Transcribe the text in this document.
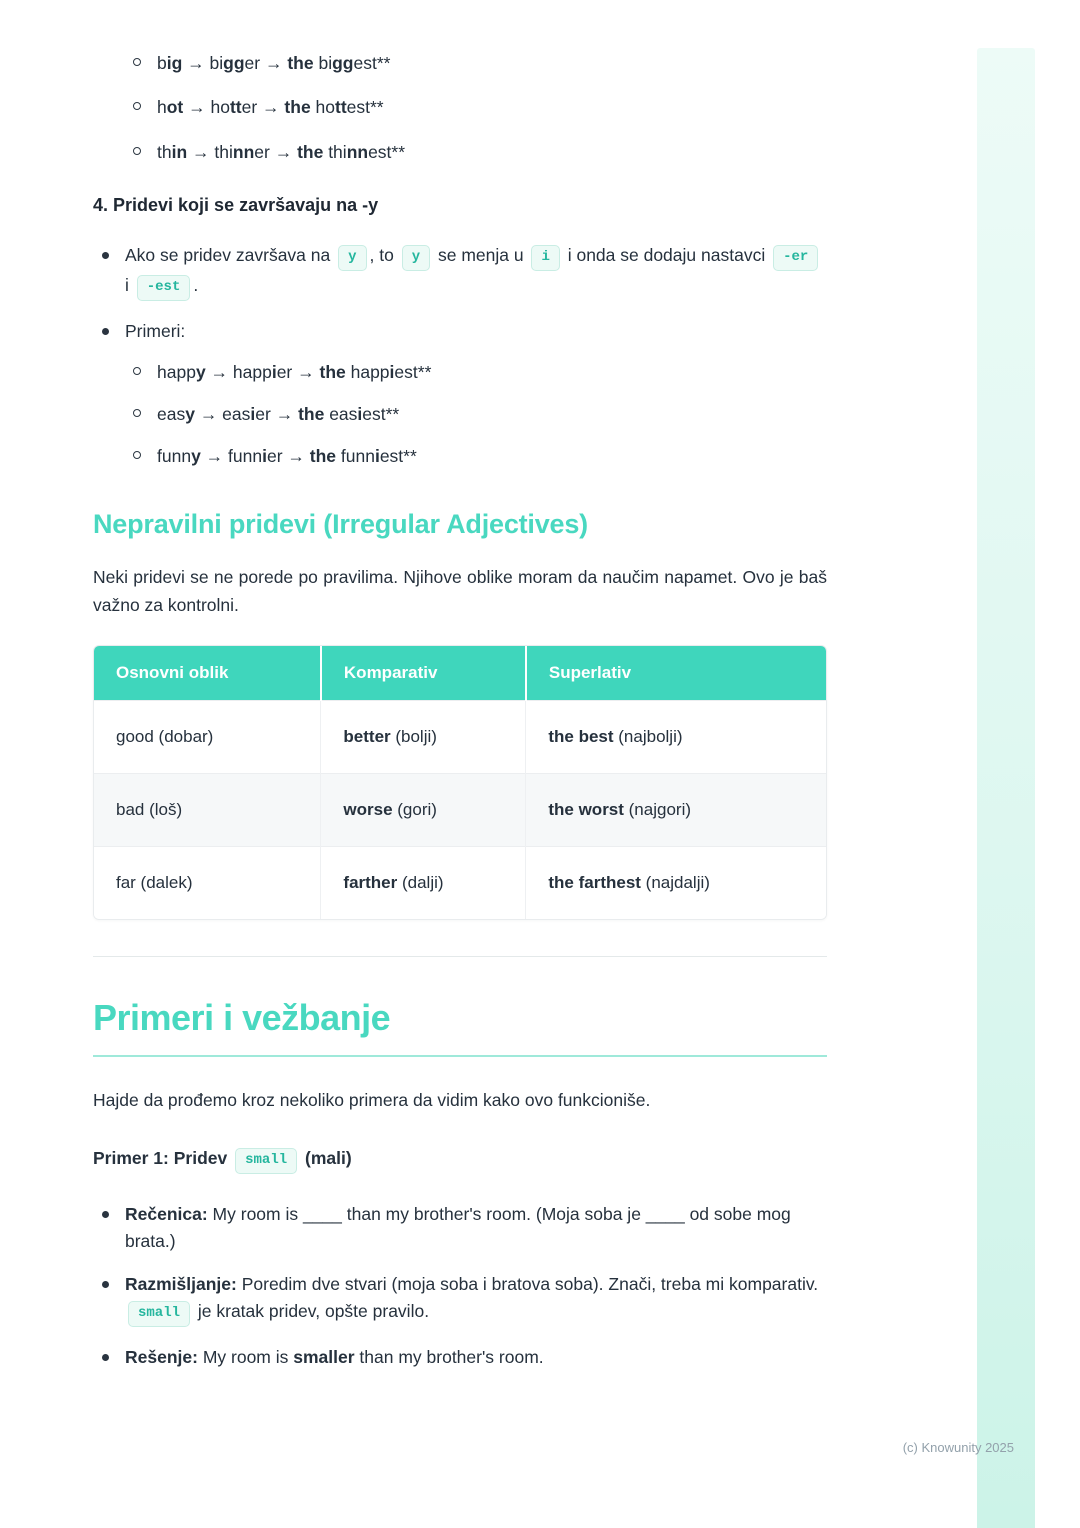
big → bigger → the biggest**
hot → hotter → the hottest**
thin → thinner → the thinnest**
4. Pridevi koji se završavaju na -y
Ako se pridev završava na y , to y se menja u i i onda se dodaju nastavci -er i -est .
Primeri:
happy → happier → the happiest**
easy → easier → the easiest**
funny → funnier → the funniest**
Nepravilni pridevi (Irregular Adjectives)

Neki pridevi se ne porede po pravilima. Njihove oblike moram da naučim napamet. Ovo je baš važno za kontrolni.

Osnovni oblik	Komparativ	Superlativ
good (dobar)	better (bolji)	the best (najbolji)
bad (loš)	worse (gori)	the worst (najgori)
far (dalek)	farther (dalji)	the farthest (najdalji)
Primeri i vežbanje

Hajde da prođemo kroz nekoliko primera da vidim kako ovo funkcioniše.

Primer 1: Pridev small (mali)
Rečenica: My room is ____ than my brother's room. (Moja soba je ____ od sobe mog brata.)
Razmišljanje: Poredim dve stvari (moja soba i bratova soba). Znači, treba mi komparativ. small je kratak pridev, opšte pravilo.
Rešenje: My room is smaller than my brother's room.
(c) Knowunity 2025
